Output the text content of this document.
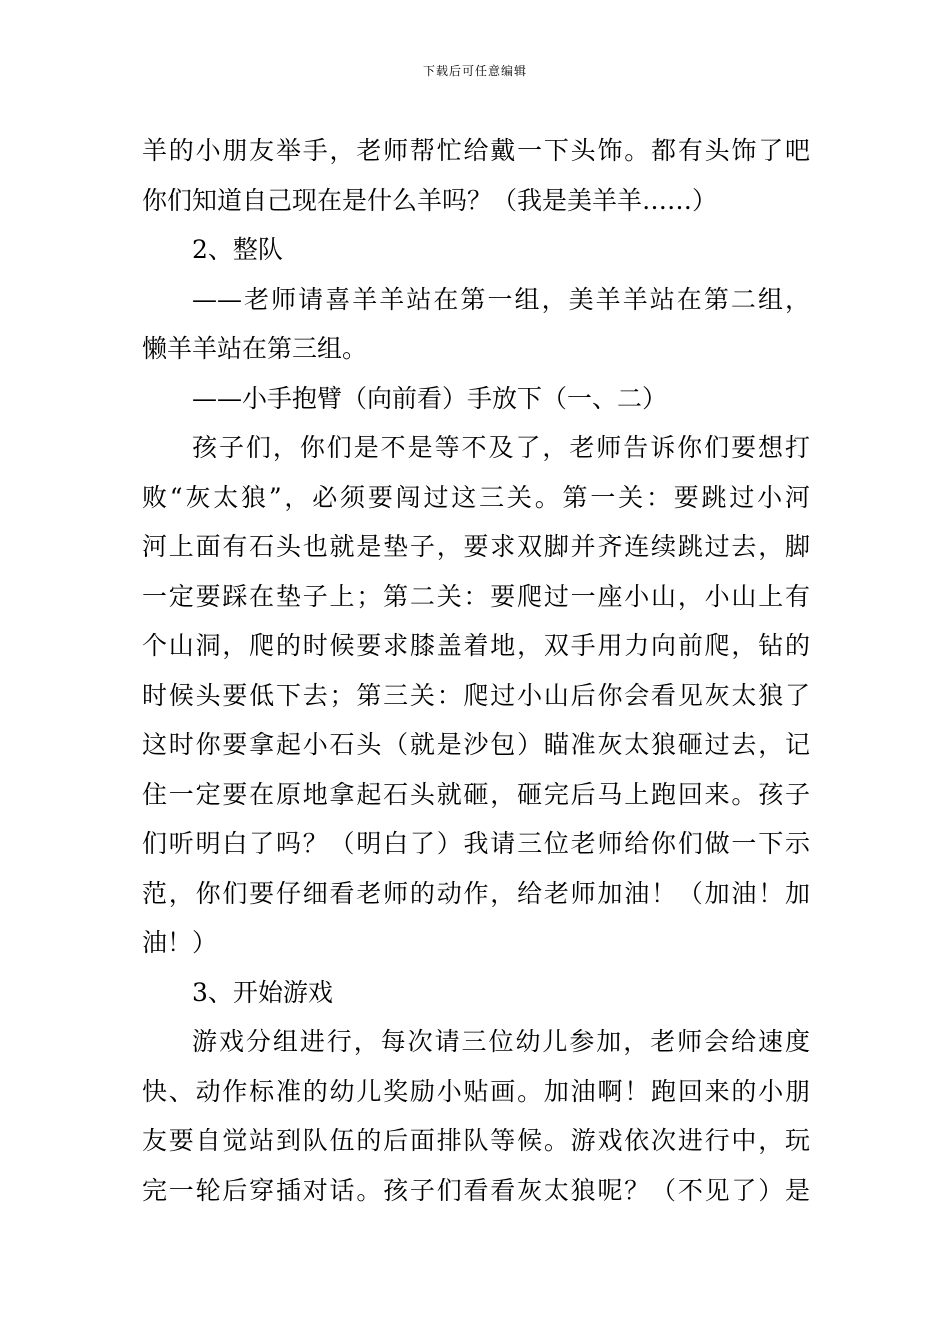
下载后可任意编辑
羊的小朋友举手，老师帮忙给戴一下头饰。都有头饰了吧
你们知道自己现在是什么羊吗？（我是美羊羊……）
2、整队
——老师请喜羊羊站在第一组，美羊羊站在第二组，
懒羊羊站在第三组。
——小手抱臂（向前看）手放下（一、二）
孩子们，你们是不是等不及了，老师告诉你们要想打
败“灰太狼”，必须要闯过这三关。第一关：要跳过小河
河上面有石头也就是垫子，要求双脚并齐连续跳过去，脚
一定要踩在垫子上；第二关：要爬过一座小山，小山上有
个山洞，爬的时候要求膝盖着地，双手用力向前爬，钻的
时候头要低下去；第三关：爬过小山后你会看见灰太狼了
这时你要拿起小石头（就是沙包）瞄准灰太狼砸过去，记
住一定要在原地拿起石头就砸，砸完后马上跑回来。孩子
们听明白了吗？（明白了）我请三位老师给你们做一下示
范，你们要仔细看老师的动作，给老师加油！（加油！加
油！）
3、开始游戏
游戏分组进行，每次请三位幼儿参加，老师会给速度
快、动作标准的幼儿奖励小贴画。加油啊！跑回来的小朋
友要自觉站到队伍的后面排队等候。游戏依次进行中，玩
完一轮后穿插对话。孩子们看看灰太狼呢？（不见了）是
